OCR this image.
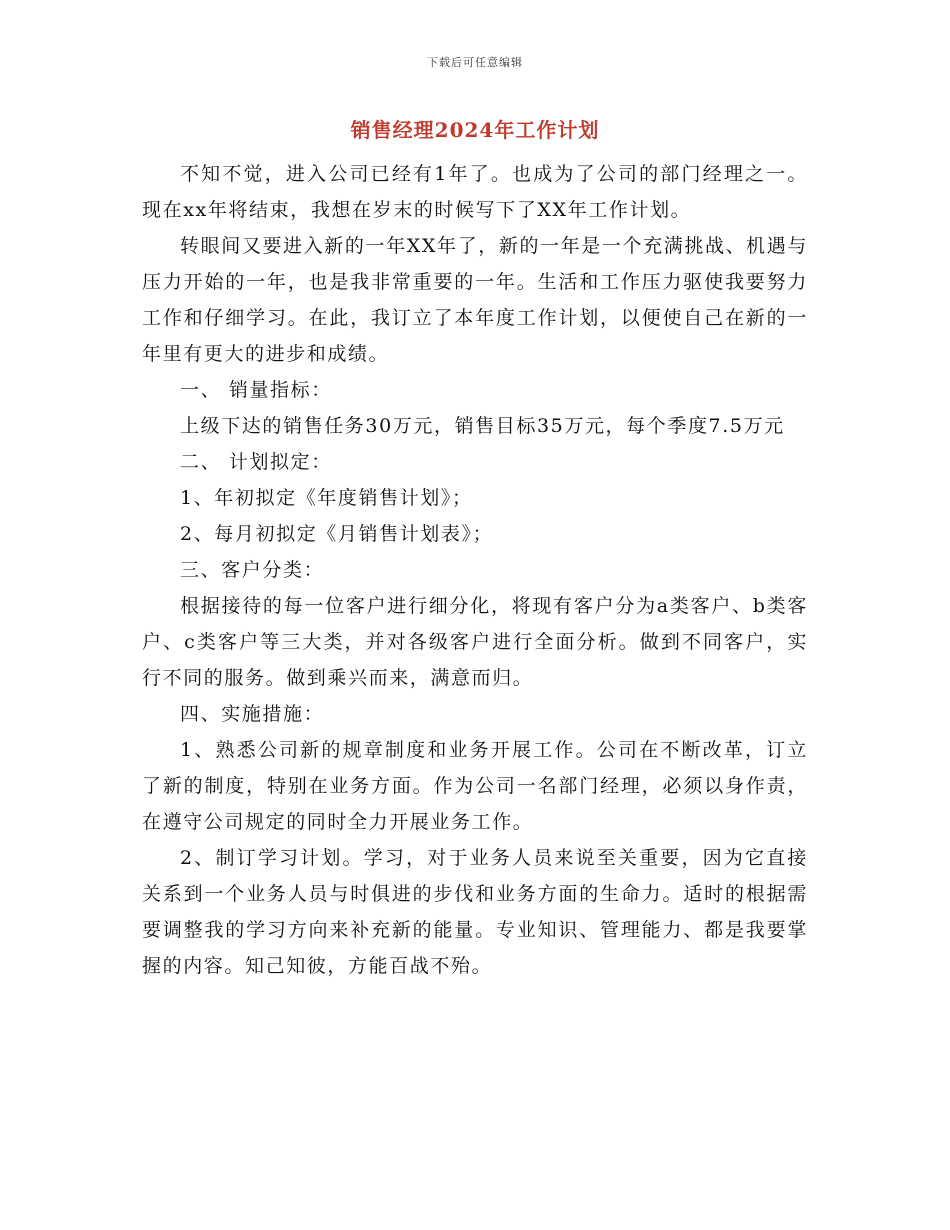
下载后可任意编辑
销售经理2024年工作计划

不知不觉，进入公司已经有1年了。也成为了公司的部门经理之一。现在xx年将结束，我想在岁末的时候写下了XX年工作计划。

转眼间又要进入新的一年XX年了，新的一年是一个充满挑战、机遇与压力开始的一年，也是我非常重要的一年。生活和工作压力驱使我要努力工作和仔细学习。在此，我订立了本年度工作计划，以便使自己在新的一年里有更大的进步和成绩。

一、 销量指标：

上级下达的销售任务30万元，销售目标35万元，每个季度7.5万元

二、 计划拟定：

1、年初拟定《年度销售计划》；

2、每月初拟定《月销售计划表》；

三、客户分类：

根据接待的每一位客户进行细分化，将现有客户分为a类客户、b类客户、c类客户等三大类，并对各级客户进行全面分析。做到不同客户，实行不同的服务。做到乘兴而来，满意而归。

四、实施措施：

1、熟悉公司新的规章制度和业务开展工作。公司在不断改革，订立了新的制度，特别在业务方面。作为公司一名部门经理，必须以身作责，在遵守公司规定的同时全力开展业务工作。

2、制订学习计划。学习，对于业务人员来说至关重要，因为它直接关系到一个业务人员与时俱进的步伐和业务方面的生命力。适时的根据需要调整我的学习方向来补充新的能量。专业知识、管理能力、都是我要掌握的内容。知己知彼，方能百战不殆。
